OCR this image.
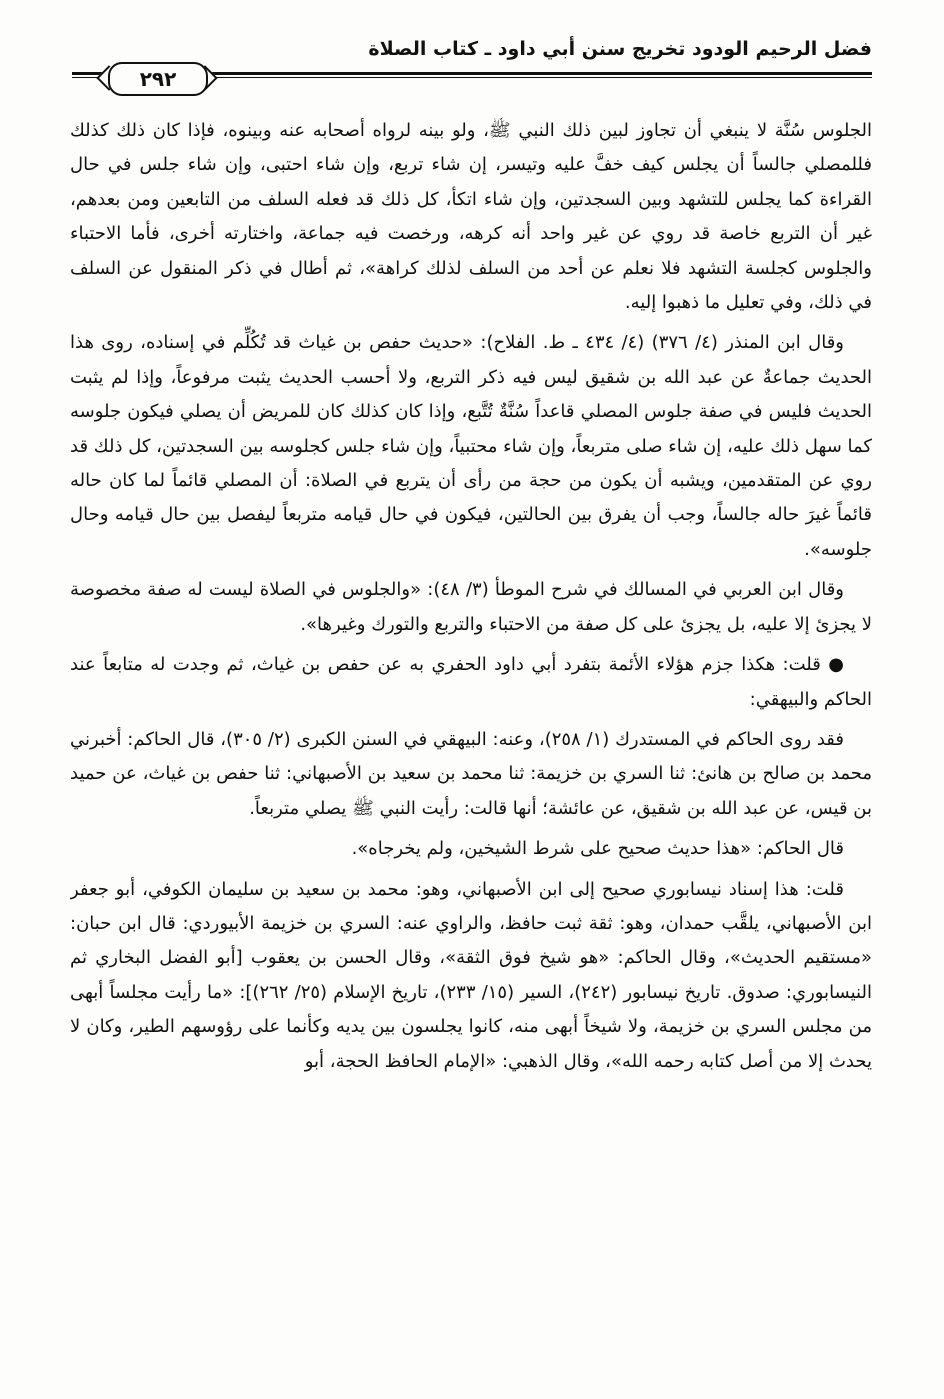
فضل الرحيم الودود تخريج سنن أبي داود ـ كتاب الصلاة
٢٩٢

الجلوس سُنَّة لا ينبغي أن تجاوز لبين ذلك النبي ﷺ، ولو بينه لرواه أصحابه عنه وبينوه، فإذا كان ذلك كذلك فللمصلي جالساً أن يجلس كيف خفَّ عليه وتيسر، إن شاء تربع، وإن شاء احتبى، وإن شاء جلس في حال القراءة كما يجلس للتشهد وبين السجدتين، وإن شاء اتكأ، كل ذلك قد فعله السلف من التابعين ومن بعدهم، غير أن التربع خاصة قد روي عن غير واحد أنه كرهه، ورخصت فيه جماعة، واختارته أخرى، فأما الاحتباء والجلوس كجلسة التشهد فلا نعلم عن أحد من السلف لذلك كراهة»، ثم أطال في ذكر المنقول عن السلف في ذلك، وفي تعليل ما ذهبوا إليه.

وقال ابن المنذر (٤/ ٣٧٦) (٤/ ٤٣٤ ـ ط. الفلاح): «حديث حفص بن غياث قد تُكُلِّم في إسناده، روى هذا الحديث جماعةٌ عن عبد الله بن شقيق ليس فيه ذكر التربع، ولا أحسب الحديث يثبت مرفوعاً، وإذا لم يثبت الحديث فليس في صفة جلوس المصلي قاعداً سُنَّةٌ تُتَّبع، وإذا كان كذلك كان للمريض أن يصلي فيكون جلوسه كما سهل ذلك عليه، إن شاء صلى متربعاً، وإن شاء محتبياً، وإن شاء جلس كجلوسه بين السجدتين، كل ذلك قد روي عن المتقدمين، ويشبه أن يكون من حجة من رأى أن يتربع في الصلاة: أن المصلي قائماً لما كان حاله قائماً غيرَ حاله جالساً، وجب أن يفرق بين الحالتين، فيكون في حال قيامه متربعاً ليفصل بين حال قيامه وحال جلوسه».

وقال ابن العربي في المسالك في شرح الموطأ (٣/ ٤٨): «والجلوس في الصلاة ليست له صفة مخصوصة لا يجزئ إلا عليه، بل يجزئ على كل صفة من الاحتباء والتربع والتورك وغيرها».

● قلت: هكذا جزم هؤلاء الأئمة بتفرد أبي داود الحفري به عن حفص بن غياث، ثم وجدت له متابعاً عند الحاكم والبيهقي:

فقد روى الحاكم في المستدرك (١/ ٢٥٨)، وعنه: البيهقي في السنن الكبرى (٢/ ٣٠٥)، قال الحاكم: أخبرني محمد بن صالح بن هانئ: ثنا السري بن خزيمة: ثنا محمد بن سعيد بن الأصبهاني: ثنا حفص بن غياث، عن حميد بن قيس، عن عبد الله بن شقيق، عن عائشة؛ أنها قالت: رأيت النبي ﷺ يصلي متربعاً.

قال الحاكم: «هذا حديث صحيح على شرط الشيخين، ولم يخرجاه».

قلت: هذا إسناد نيسابوري صحيح إلى ابن الأصبهاني، وهو: محمد بن سعيد بن سليمان الكوفي، أبو جعفر ابن الأصبهاني، يلقَّب حمدان، وهو: ثقة ثبت حافظ، والراوي عنه: السري بن خزيمة الأبيوردي: قال ابن حبان: «مستقيم الحديث»، وقال الحاكم: «هو شيخ فوق الثقة»، وقال الحسن بن يعقوب [أبو الفضل البخاري ثم النيسابوري: صدوق. تاريخ نيسابور (٢٤٢)، السير (١٥/ ٢٣٣)، تاريخ الإسلام (٢٥/ ٢٦٢)]: «ما رأيت مجلساً أبهى من مجلس السري بن خزيمة، ولا شيخاً أبهى منه، كانوا يجلسون بين يديه وكأنما على رؤوسهم الطير، وكان لا يحدث إلا من أصل كتابه رحمه الله»، وقال الذهبي: «الإمام الحافظ الحجة، أبو
